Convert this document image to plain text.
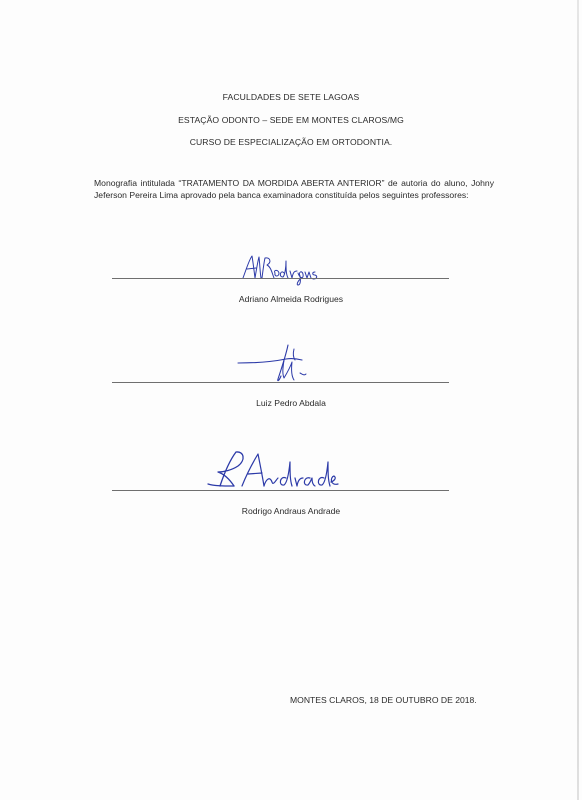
FACULDADES DE SETE LAGOAS
ESTAÇÃO ODONTO – SEDE EM MONTES CLAROS/MG
CURSO DE ESPECIALIZAÇÃO EM ORTODONTIA.
Monografia intitulada “TRATAMENTO DA MORDIDA ABERTA ANTERIOR” de autoria do aluno, Johny Jeferson Pereira Lima aprovado pela banca examinadora constituída pelos seguintes professores:
Adriano Almeida Rodrigues
Luiz Pedro Abdala
Rodrigo Andraus Andrade
MONTES CLAROS, 18 DE OUTUBRO DE 2018.
